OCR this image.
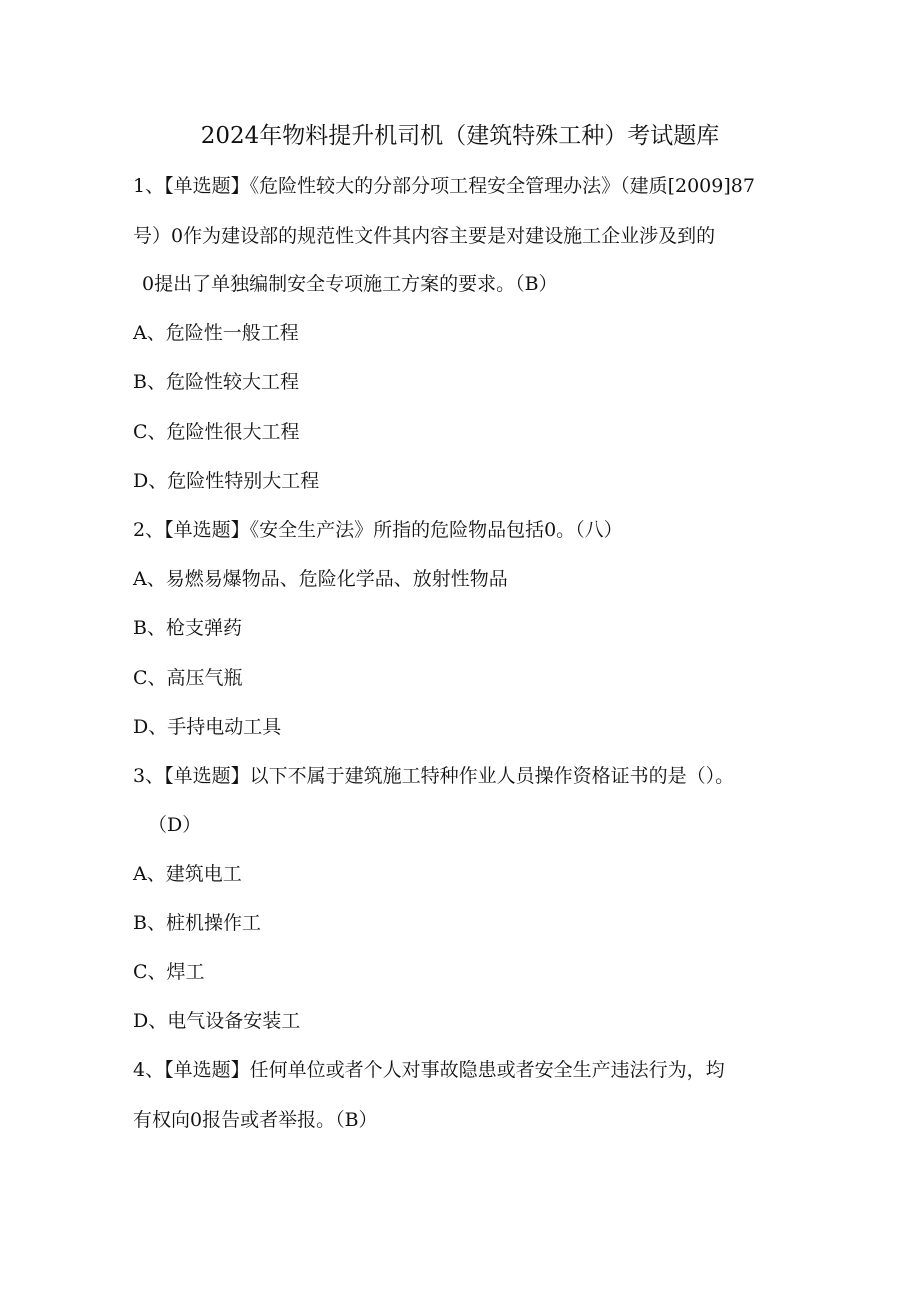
2024年物料提升机司机（建筑特殊工种）考试题库
1、【单选题】《危险性较大的分部分项工程安全管理办法》（建质[2009]87
号）0作为建设部的规范性文件其内容主要是对建设施工企业涉及到的
0提出了单独编制安全专项施工方案的要求。（B）
A、危险性一般工程
B、危险性较大工程
C、危险性很大工程
D、危险性特别大工程
2、【单选题】《安全生产法》所指的危险物品包括0。（八）
A、易燃易爆物品、危险化学品、放射性物品
B、枪支弹药
C、高压气瓶
D、手持电动工具
3、【单选题】以下不属于建筑施工特种作业人员操作资格证书的是（）。
（D）
A、建筑电工
B、桩机操作工
C、焊工
D、电气设备安装工
4、【单选题】任何单位或者个人对事故隐患或者安全生产违法行为，均
有权向0报告或者举报。（B）
